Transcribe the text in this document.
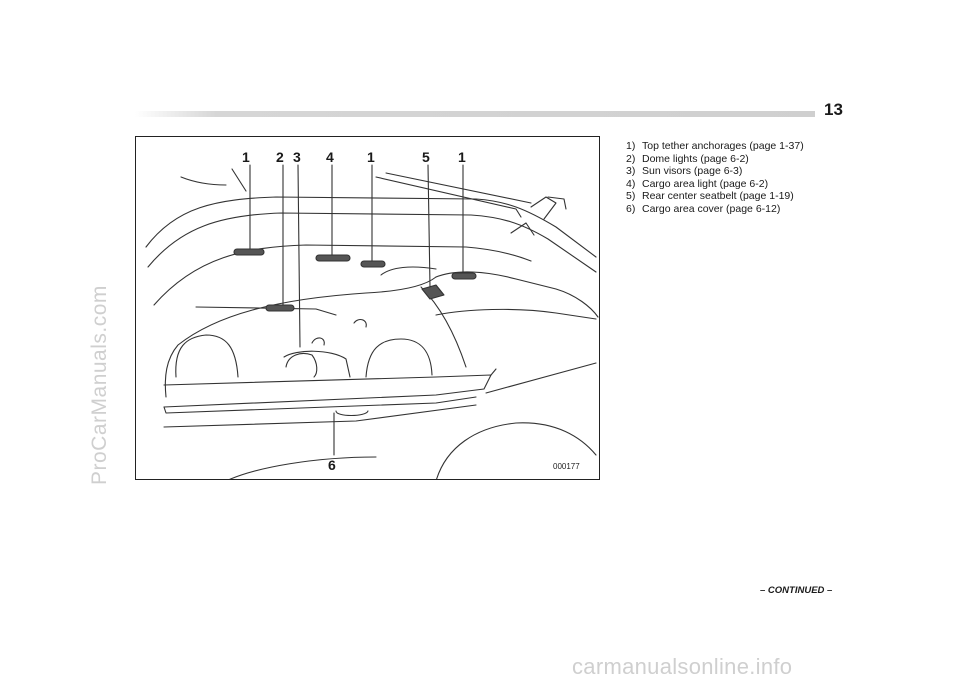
13
ProCarManuals.com
1 2 3 4 1	5 1
6	000177
1) Top tether anchorages (page 1-37)
2) Dome lights (page 6-2)
3) Sun visors (page 6-3)
4) Cargo area light (page 6-2)
5) Rear center seatbelt (page 1-19)
6) Cargo area cover (page 6-12)
– CONTINUED –
carmanualsonline.info
